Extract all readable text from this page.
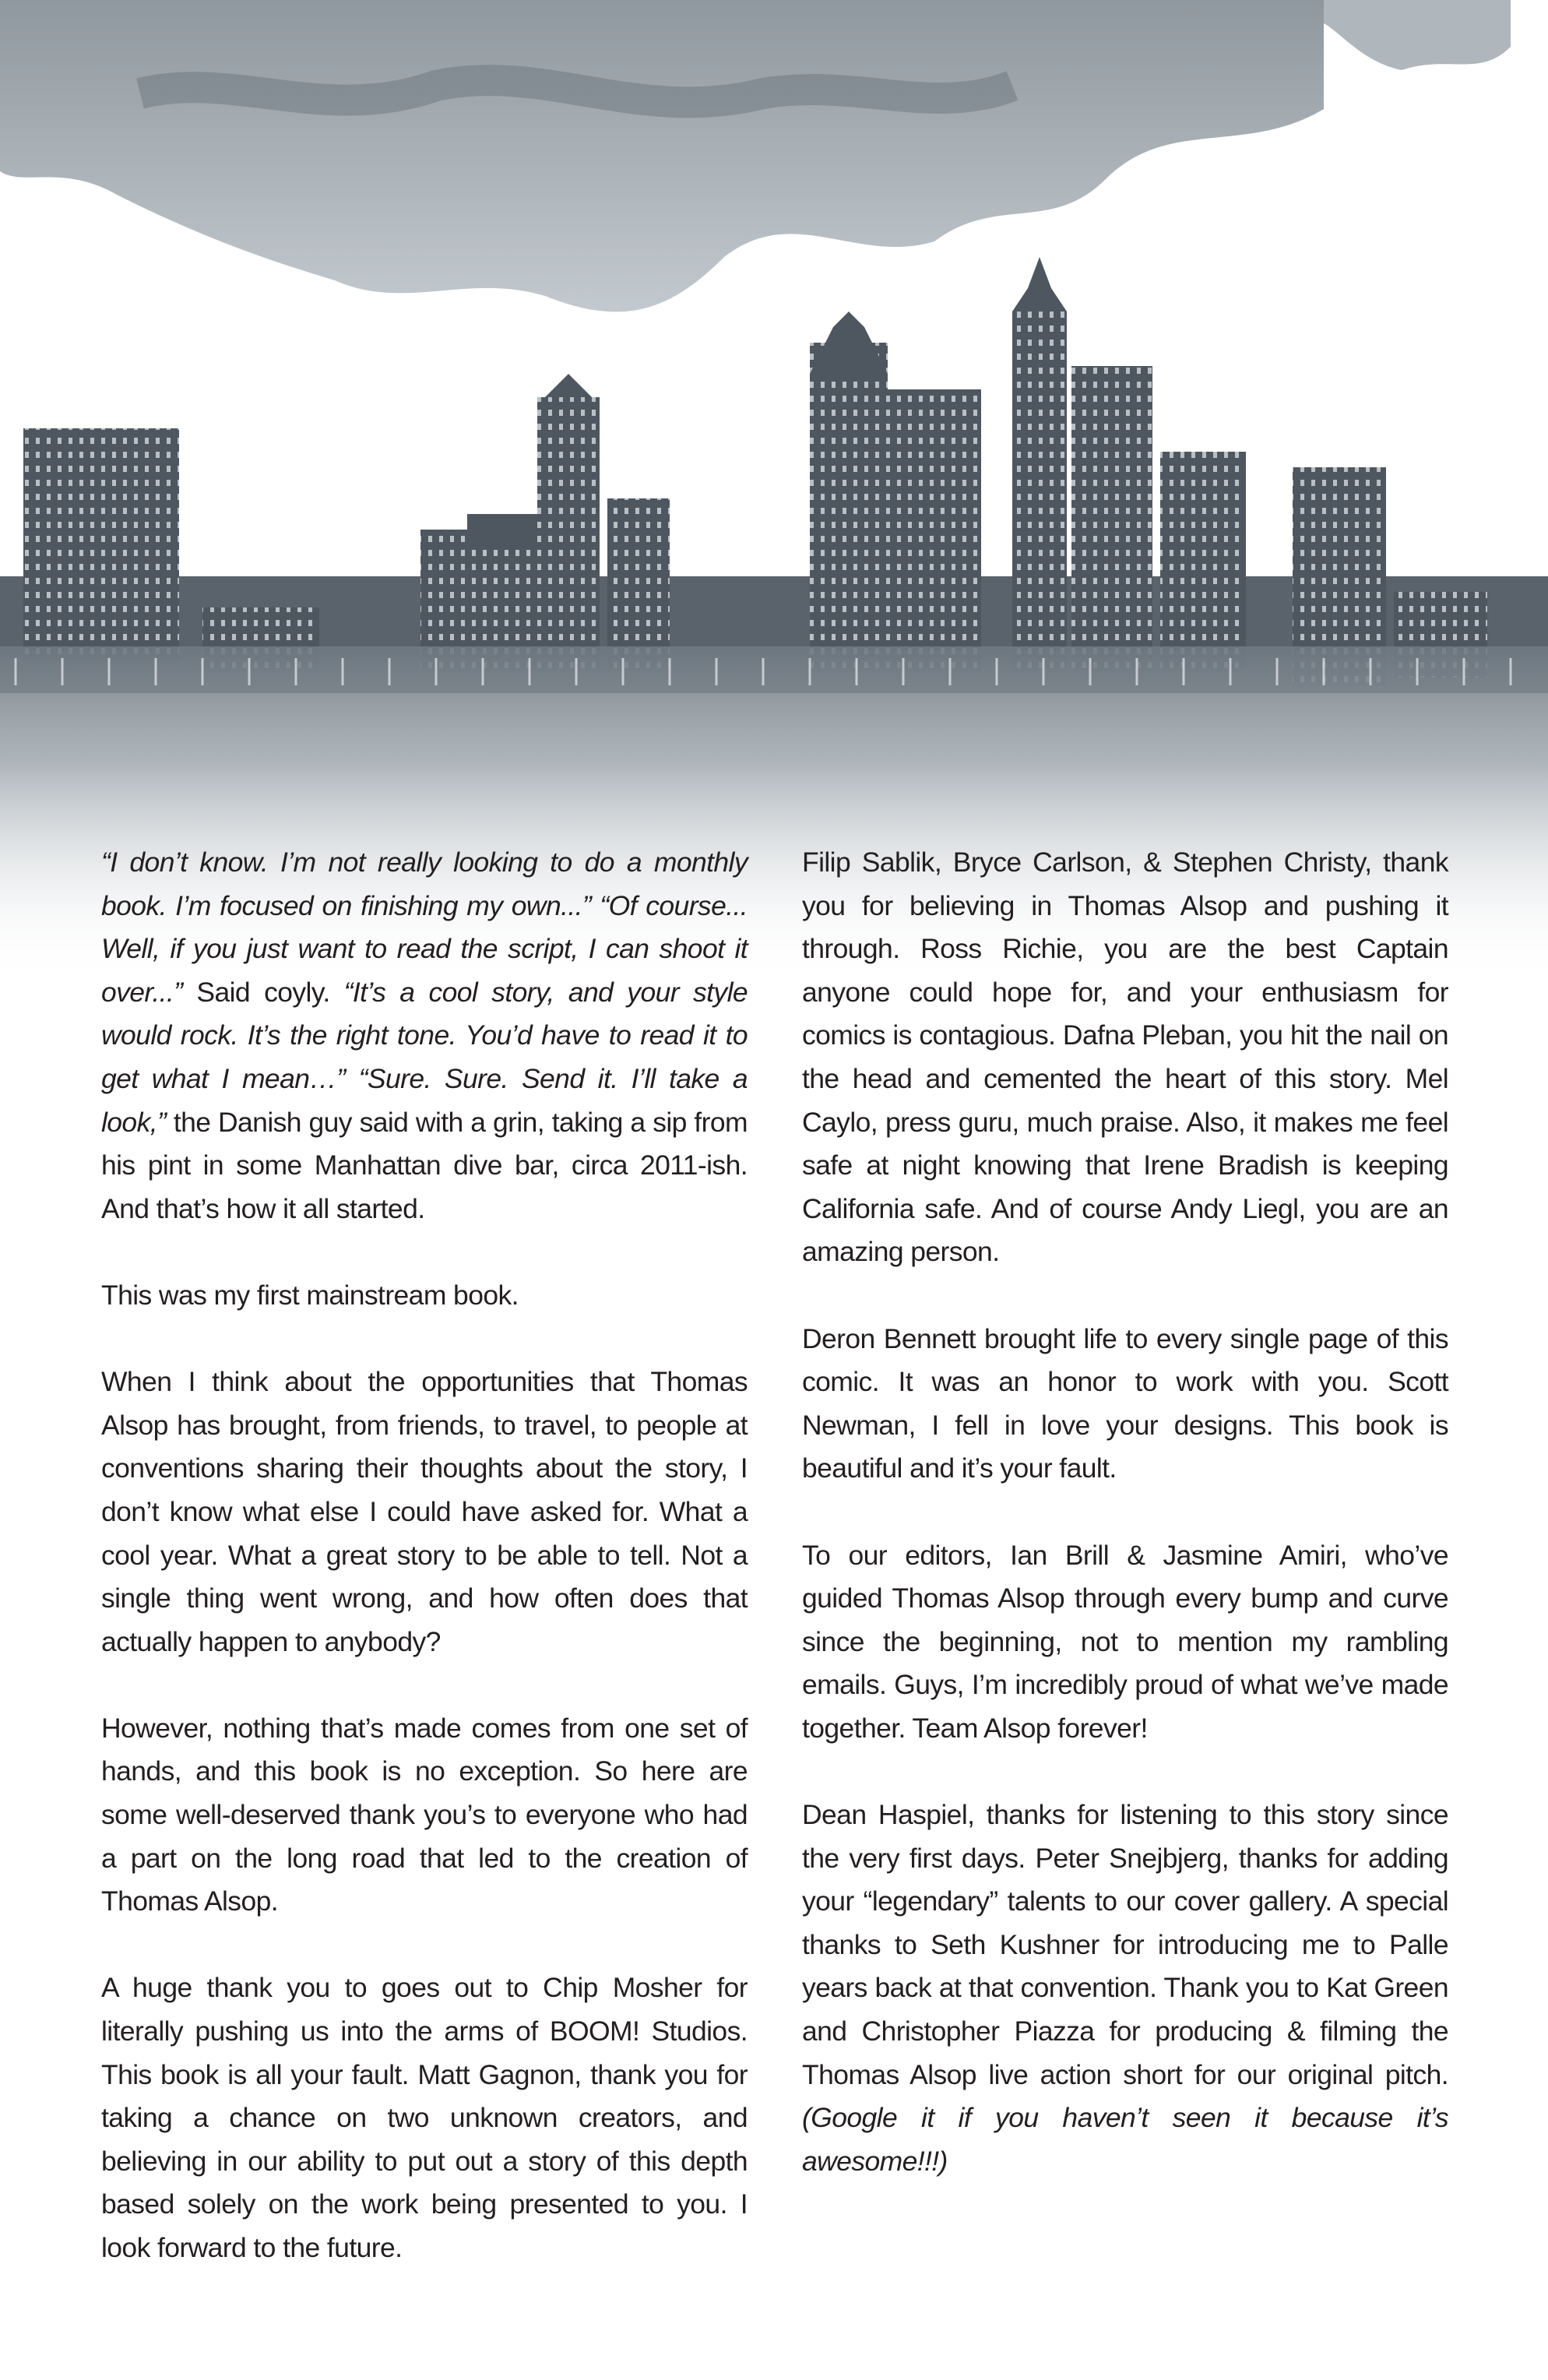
“I don’t know. I’m not really looking to do a monthly book. I’m focused on finishing my own...” “Of course... Well, if you just want to read the script, I can shoot it over...” Said coyly. “It’s a cool story, and your style would rock. It’s the right tone. You’d have to read it to get what I mean…” “Sure. Sure. Send it. I’ll take a look,” the Danish guy said with a grin, taking a sip from his pint in some Manhattan dive bar, circa 2011-ish. And that’s how it all started.

This was my first mainstream book.

When I think about the opportunities that Thomas Alsop has brought, from friends, to travel, to people at conventions sharing their thoughts about the story, I don’t know what else I could have asked for. What a cool year. What a great story to be able to tell. Not a single thing went wrong, and how often does that actually happen to anybody?

However, nothing that’s made comes from one set of hands, and this book is no exception. So here are some well-deserved thank you’s to everyone who had a part on the long road that led to the creation of Thomas Alsop.

A huge thank you to goes out to Chip Mosher for literally pushing us into the arms of BOOM! Studios. This book is all your fault. Matt Gagnon, thank you for taking a chance on two unknown creators, and believing in our ability to put out a story of this depth based solely on the work being presented to you. I look forward to the future.

Filip Sablik, Bryce Carlson, & Stephen Christy, thank you for believing in Thomas Alsop and pushing it through. Ross Richie, you are the best Captain anyone could hope for, and your enthusiasm for comics is contagious. Dafna Pleban, you hit the nail on the head and cemented the heart of this story. Mel Caylo, press guru, much praise. Also, it makes me feel safe at night knowing that Irene Bradish is keeping California safe. And of course Andy Liegl, you are an amazing person.

Deron Bennett brought life to every single page of this comic. It was an honor to work with you. Scott Newman, I fell in love your designs. This book is beautiful and it’s your fault.

To our editors, Ian Brill & Jasmine Amiri, who’ve guided Thomas Alsop through every bump and curve since the beginning, not to mention my rambling emails. Guys, I’m incredibly proud of what we’ve made together. Team Alsop forever!

Dean Haspiel, thanks for listening to this story since the very first days. Peter Snejbjerg, thanks for adding your “legendary” talents to our cover gallery. A special thanks to Seth Kushner for introducing me to Palle years back at that convention. Thank you to Kat Green and Christopher Piazza for producing & filming the Thomas Alsop live action short for our original pitch. (Google it if you haven’t seen it because it’s awesome!!!)
